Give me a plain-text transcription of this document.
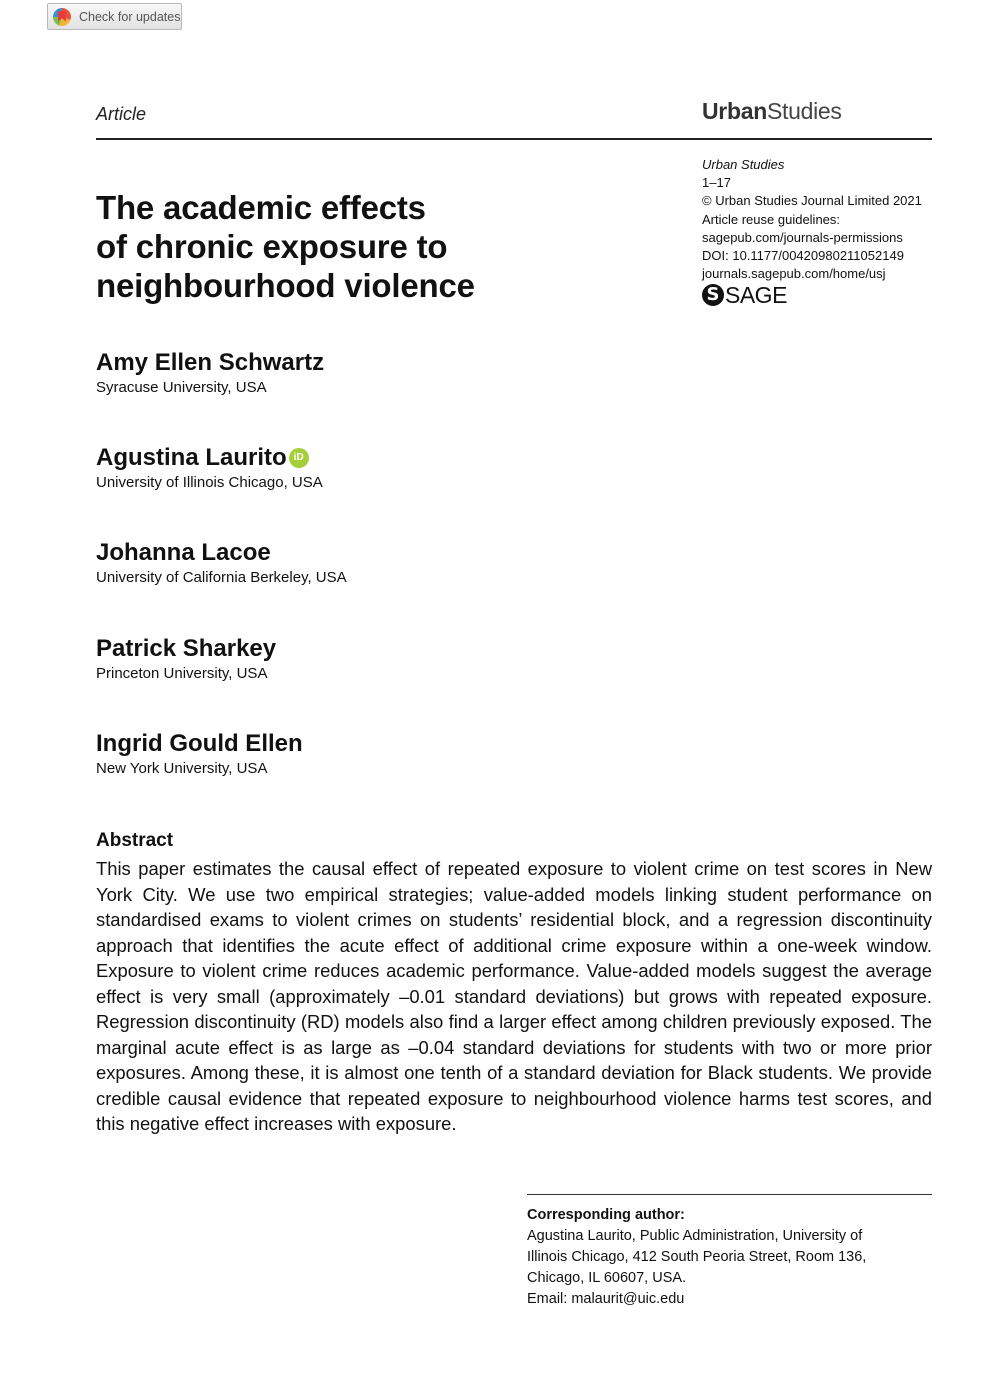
Check for updates
Article	UrbanStudies
Urban Studies
1–17
© Urban Studies Journal Limited 2021
Article reuse guidelines:
sagepub.com/journals-permissions
DOI: 10.1177/00420980211052149
journals.sagepub.com/home/usj
S SAGE
The academic effects
of chronic exposure to
neighbourhood violence
Amy Ellen Schwartz
Syracuse University, USA
Agustina Laurito iD
University of Illinois Chicago, USA
Johanna Lacoe
University of California Berkeley, USA
Patrick Sharkey
Princeton University, USA
Ingrid Gould Ellen
New York University, USA
Abstract

This paper estimates the causal effect of repeated exposure to violent crime on test scores in New York City. We use two empirical strategies; value-added models linking student performance on standardised exams to violent crimes on students’ residential block, and a regression discontinuity approach that identifies the acute effect of additional crime exposure within a one-week window. Exposure to violent crime reduces academic performance. Value-added models suggest the average effect is very small (approximately –0.01 standard deviations) but grows with repeated exposure. Regression discontinuity (RD) models also find a larger effect among children previously exposed. The marginal acute effect is as large as –0.04 standard deviations for students with two or more prior exposures. Among these, it is almost one tenth of a standard deviation for Black students. We provide credible causal evidence that repeated exposure to neighbourhood violence harms test scores, and this negative effect increases with exposure.

Corresponding author:
Agustina Laurito, Public Administration, University of
Illinois Chicago, 412 South Peoria Street, Room 136,
Chicago, IL 60607, USA.
Email: malaurit@uic.edu
